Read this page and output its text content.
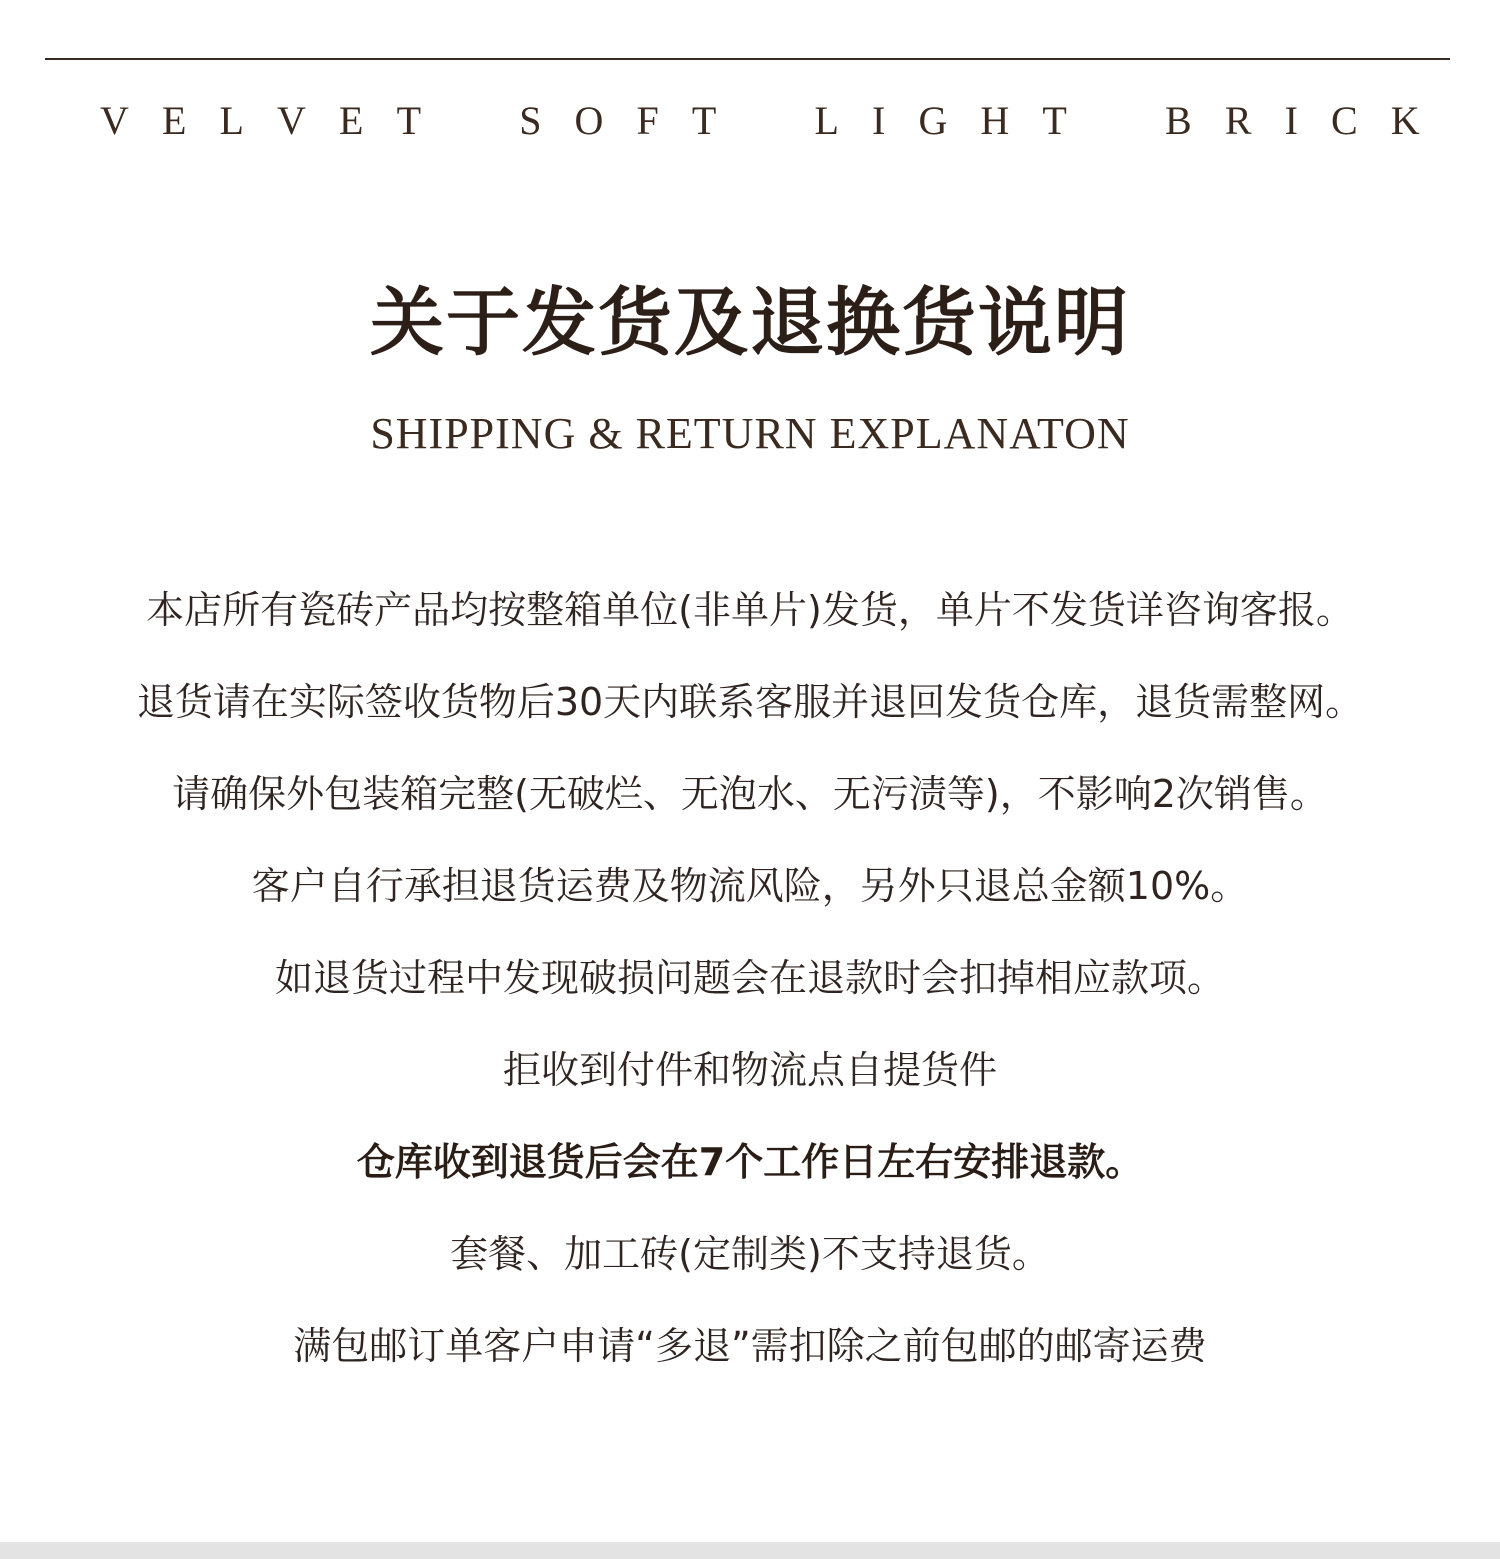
V E L V E T S O F T L I G H T B R I C K
关于发货及退换货说明
SHIPPING & RETURN EXPLANATON
本店所有瓷砖产品均按整箱单位(非单片)发货，单片不发货详咨询客报。
退货请在实际签收货物后30天内联系客服并退回发货仓库，退货需整网。
请确保外包装箱完整(无破烂、无泡水、无污渍等)，不影响2次销售。
客户自行承担退货运费及物流风险，另外只退总金额10%。
如退货过程中发现破损问题会在退款时会扣掉相应款项。
拒收到付件和物流点自提货件
仓库收到退货后会在7个工作日左右安排退款。
套餐、加工砖(定制类)不支持退货。
满包邮订单客户申请“多退”需扣除之前包邮的邮寄运费
